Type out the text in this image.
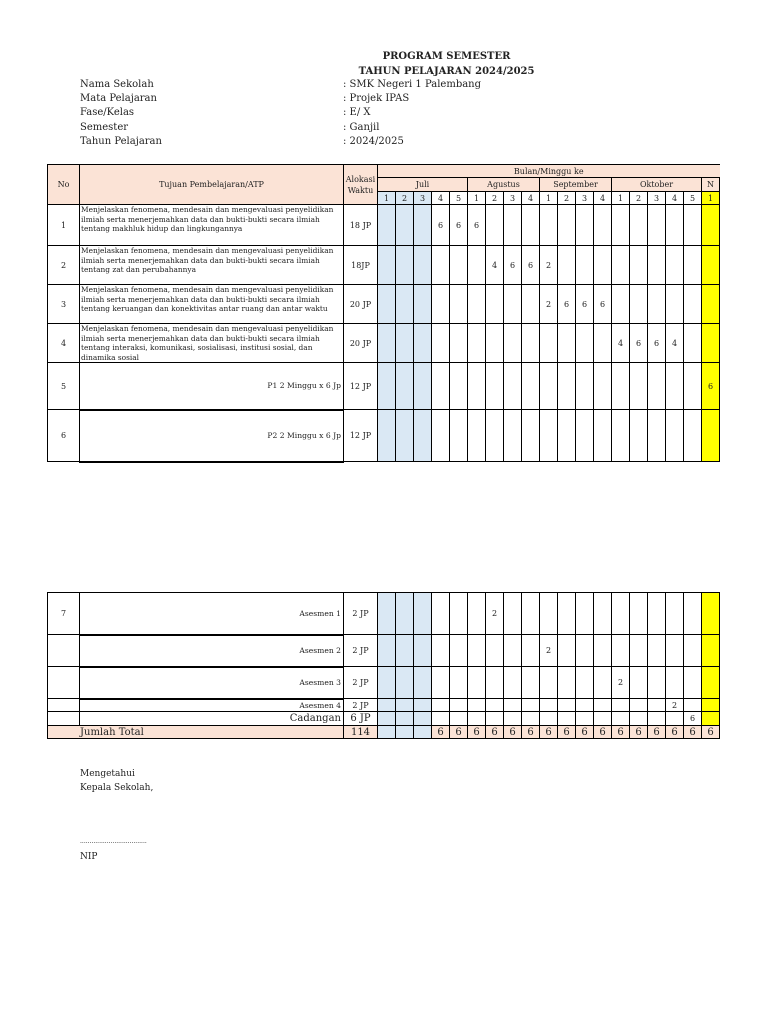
PROGRAM SEMESTER
TAHUN PELAJARAN 2024/2025
Nama Sekolah	: SMK Negeri 1 Palembang
Mata Pelajaran	: Projek IPAS
Fase/Kelas	: E/ X
Semester	: Ganjil
Tahun Pelajaran	: 2024/2025
No	Tujuan Pembelajaran/ATP	Alokasi Waktu	Bulan/Minggu ke																		
			Juli					Agustus				September				Oktober					N
			1	2	3	4	5	1	2	3	4	1	2	3	4	1	2	3	4	5	1
1	Menjelaskan fenomena, mendesain dan mengevaluasi penyelidikan ilmiah serta menerjemahkan data dan bukti-bukti secara ilmiah tentang makhluk hidup dan lingkungannya	18 JP				6	6	6													
2	Menjelaskan fenomena, mendesain dan mengevaluasi penyelidikan ilmiah serta menerjemahkan data dan bukti-bukti secara ilmiah tentang zat dan perubahannya	18JP							4	6	6	2									
3	Menjelaskan fenomena, mendesain dan mengevaluasi penyelidikan ilmiah serta menerjemahkan data dan bukti-bukti secara ilmiah tentang keruangan dan konektivitas antar ruang dan antar waktu	20 JP										2	6	6	6						
4	Menjelaskan fenomena, mendesain dan mengevaluasi penyelidikan ilmiah serta menerjemahkan data dan bukti-bukti secara ilmiah tentang interaksi, komunikasi, sosialisasi, institusi sosial, dan dinamika sosial	20 JP														4	6	6	4		
5	P1 2 Minggu x 6 Jp	12 JP																			6
6	P2 2 Minggu x 6 Jp	12 JP																			
7	Asesmen 1	2 JP							2												
	Asesmen 2	2 JP										2									
	Asesmen 3	2 JP														2					
	Asesmen 4	2 JP																	2		
	Cadangan	6 JP																		6	
Jumlah Total		114				6	6	6	6	6	6	6	6	6	6	6	6	6	6	6	6
Mengetahui
Kepala Sekolah,
...................................
NIP
